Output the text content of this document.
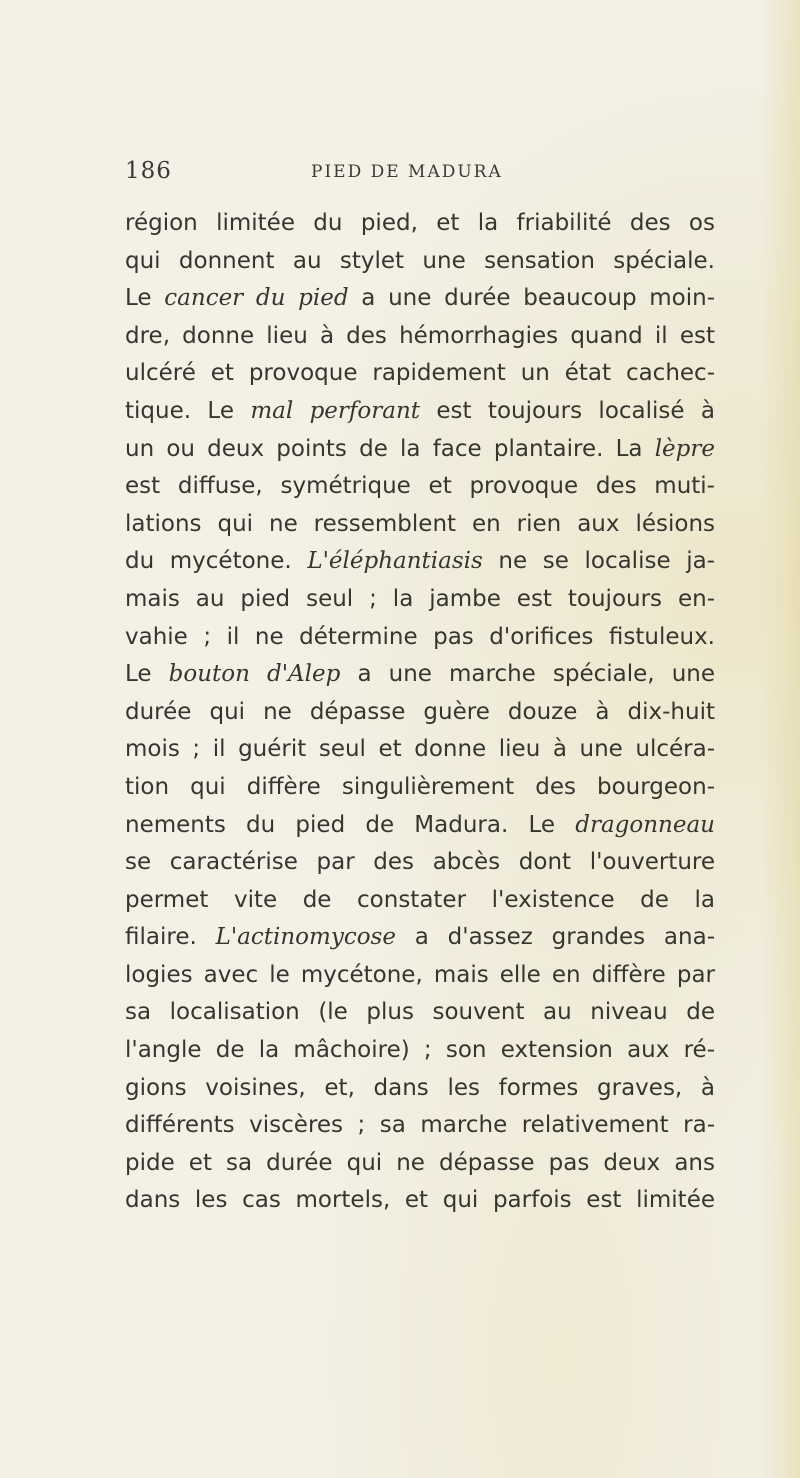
186	PIED DE MADURA
région limitée du pied, et la friabilité des os
qui donnent au stylet une sensation spéciale.
Le cancer du pied a une durée beaucoup moin-
dre, donne lieu à des hémorrhagies quand il est
ulcéré et provoque rapidement un état cachec-
tique. Le mal perforant est toujours localisé à
un ou deux points de la face plantaire. La lèpre
est diffuse, symétrique et provoque des muti-
lations qui ne ressemblent en rien aux lésions
du mycétone. L'éléphantiasis ne se localise ja-
mais au pied seul ; la jambe est toujours en-
vahie ; il ne détermine pas d'orifices fistuleux.
Le bouton d'Alep a une marche spéciale, une
durée qui ne dépasse guère douze à dix-huit
mois ; il guérit seul et donne lieu à une ulcéra-
tion qui diffère singulièrement des bourgeon-
nements du pied de Madura. Le dragonneau
se caractérise par des abcès dont l'ouverture
permet vite de constater l'existence de la
filaire. L'actinomycose a d'assez grandes ana-
logies avec le mycétone, mais elle en diffère par
sa localisation (le plus souvent au niveau de
l'angle de la mâchoire) ; son extension aux ré-
gions voisines, et, dans les formes graves, à
différents viscères ; sa marche relativement ra-
pide et sa durée qui ne dépasse pas deux ans
dans les cas mortels, et qui parfois est limitée
